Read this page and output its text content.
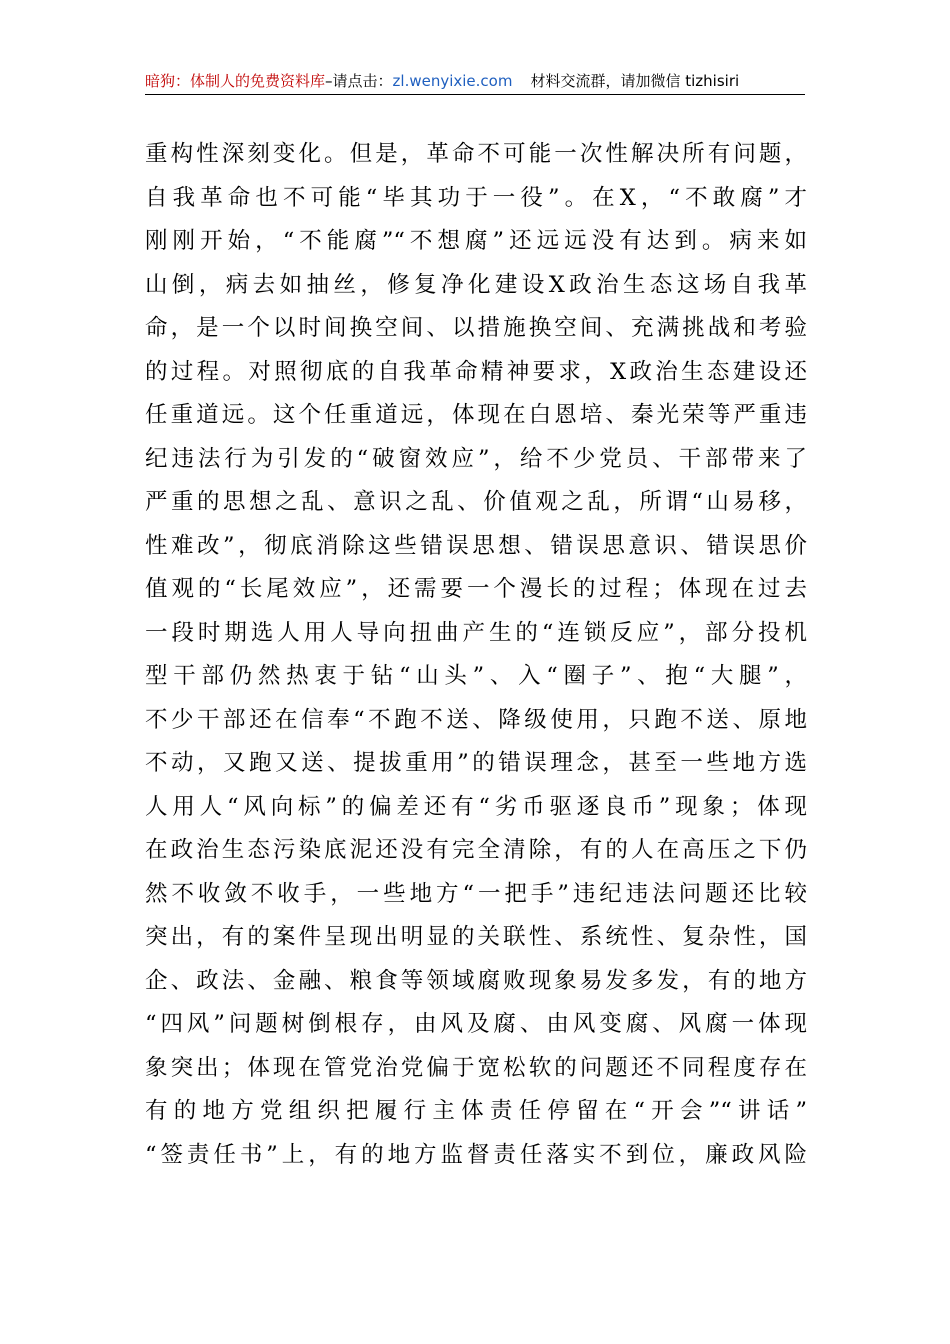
暗狗：体制人的免费资料库–请点击：zl.wenyixie.com 材料交流群，请加微信 tizhisiri
重构性深刻变化。但是，革命不可能一次性解决所有问题，
自我革命也不可能“毕其功于一役”。在X，“不敢腐”才
刚刚开始，“不能腐”“不想腐”还远远没有达到。病来如
山倒，病去如抽丝，修复净化建设X政治生态这场自我革
命，是一个以时间换空间、以措施换空间、充满挑战和考验
的过程。对照彻底的自我革命精神要求，X政治生态建设还
任重道远。这个任重道远，体现在白恩培、秦光荣等严重违
纪违法行为引发的“破窗效应”，给不少党员、干部带来了
严重的思想之乱、意识之乱、价值观之乱，所谓“山易移，
性难改”，彻底消除这些错误思想、错误思意识、错误思价
值观的“长尾效应”，还需要一个漫长的过程；体现在过去
一段时期选人用人导向扭曲产生的“连锁反应”，部分投机
型干部仍然热衷于钻“山头”、入“圈子”、抱“大腿”，
不少干部还在信奉“不跑不送、降级使用，只跑不送、原地
不动，又跑又送、提拔重用”的错误理念，甚至一些地方选
人用人“风向标”的偏差还有“劣币驱逐良币”现象；体现
在政治生态污染底泥还没有完全清除，有的人在高压之下仍
然不收敛不收手，一些地方“一把手”违纪违法问题还比较
突出，有的案件呈现出明显的关联性、系统性、复杂性，国
企、政法、金融、粮食等领域腐败现象易发多发，有的地方
“四风”问题树倒根存，由风及腐、由风变腐、风腐一体现
象突出；体现在管党治党偏于宽松软的问题还不同程度存在
有的地方党组织把履行主体责任停留在“开会”“讲话”
“签责任书”上，有的地方监督责任落实不到位，廉政风险
